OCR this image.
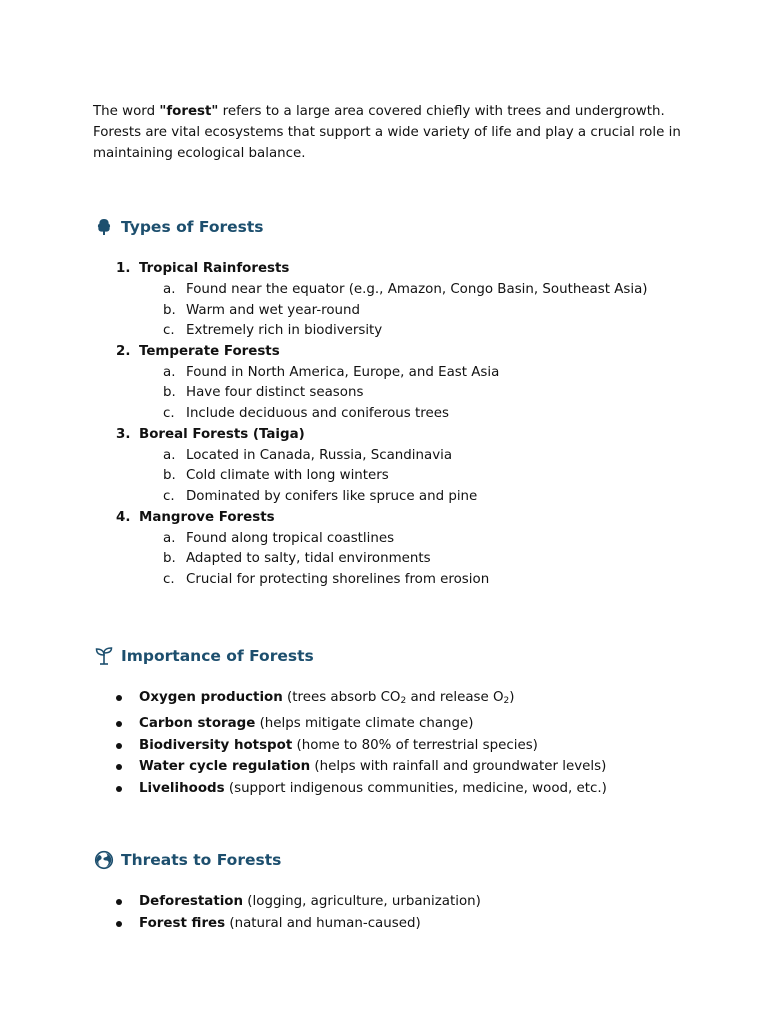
The word "forest" refers to a large area covered chiefly with trees and undergrowth. Forests are vital ecosystems that support a wide variety of life and play a crucial role in maintaining ecological balance.

Types of Forests
1. Tropical Rainforests
a. Found near the equator (e.g., Amazon, Congo Basin, Southeast Asia)
b. Warm and wet year-round
c. Extremely rich in biodiversity
2. Temperate Forests
a. Found in North America, Europe, and East Asia
b. Have four distinct seasons
c. Include deciduous and coniferous trees
3. Boreal Forests (Taiga)
a. Located in Canada, Russia, Scandinavia
b. Cold climate with long winters
c. Dominated by conifers like spruce and pine
4. Mangrove Forests
a. Found along tropical coastlines
b. Adapted to salty, tidal environments
c. Crucial for protecting shorelines from erosion
Importance of Forests
Oxygen production (trees absorb $CO_2$ and release $O_2$)
Carbon storage (helps mitigate climate change)
Biodiversity hotspot (home to 80% of terrestrial species)
Water cycle regulation (helps with rainfall and groundwater levels)
Livelihoods (support indigenous communities, medicine, wood, etc.)
Threats to Forests
Deforestation (logging, agriculture, urbanization)
Forest fires (natural and human-caused)
